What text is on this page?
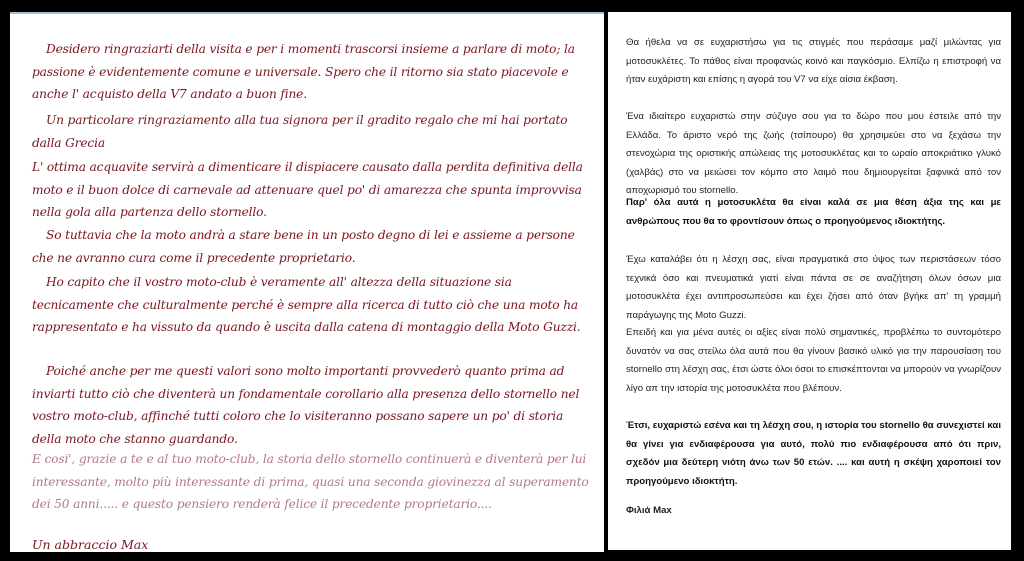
Desidero ringraziarti della visita e per i momenti trascorsi insieme a parlare di moto; la passione è evidentemente comune e universale. Spero che il ritorno sia stato piacevole e anche l' acquisto della V7 andato a buon fine.

Un particolare ringraziamento alla tua signora per il gradito regalo che mi hai portato dalla Grecia

L' ottima acquavite servirà a dimenticare il dispiacere causato dalla perdita definitiva della moto e il buon dolce di carnevale ad attenuare quel po' di amarezza che spunta improvvisa nella gola alla partenza dello stornello.

So tuttavia che la moto andrà a stare bene in un posto degno di lei e assieme a persone che ne avranno cura come il precedente proprietario.

Ho capito che il vostro moto-club è veramente all' altezza della situazione sia tecnicamente che culturalmente perché è sempre alla ricerca di tutto ciò che una moto ha rappresentato e ha vissuto da quando è uscita dalla catena di montaggio della Moto Guzzi.

Poiché anche per me questi valori sono molto importanti provvederò quanto prima ad inviarti tutto ciò che diventerà un fondamentale corollario alla presenza dello stornello nel vostro moto-club, affinché tutti coloro che lo visiteranno possano sapere un po' di storia della moto che stanno guardando.

E cosi', grazie a te e al tuo moto-club, la storia dello stornello continuerà e diventerà per lui interessante, molto più interessante di prima, quasi una seconda giovinezza al superamento dei 50 anni..... e questo pensiero renderà felice il precedente proprietario....

Un abbraccio Max

Θα ήθελα να σε ευχαριστήσω για τις στιγμές που περάσαμε μαζί μιλώντας για μοτοσυκλέτες. Το πάθος είναι προφανώς κοινό και παγκόσμιο. Ελπίζω η επιστροφή να ήταν ευχάριστη και επίσης η αγορά του V7 να είχε αίσια έκβαση.

Ένα ιδιαίτερο ευχαριστώ στην σύζυγο σου για το δώρο που μου έστειλε από την Ελλάδα. Το άριστο νερό της ζωής (τσίπουρο) θα χρησιμεύει στο να ξεχάσω την στενοχώρια της οριστικής απώλειας της μοτοσυκλέτας και το ωραίο αποκριάτικο γλυκό (χαλβάς) στο να μειώσει τον κόμπο στο λαιμό που δημιουργείται ξαφνικά από τον αποχωρισμό του stornello.

Παρ' όλα αυτά η μοτοσυκλέτα θα είναι καλά σε μια θέση άξια της και με ανθρώπους που θα το φροντίσουν όπως ο προηγούμενος ιδιοκτήτης.

Έχω καταλάβει ότι η λέσχη σας, είναι πραγματικά στο ύψος των περιστάσεων τόσο τεχνικά όσο και πνευματικά γιατί είναι πάντα σε σε αναζήτηση όλων όσων μια μοτοσυκλέτα έχει αντιπροσωπεύσει και έχει ζήσει από όταν βγήκε απ' τη γραμμή παράγωγης της Moto Guzzi.

Επειδή και για μένα αυτές οι αξίες είναι πολύ σημαντικές, προβλέπω το συντομότερο δυνατόν να σας στείλω όλα αυτά που θα γίνουν βασικό υλικό για την παρουσίαση του stornello στη λέσχη σας, έτσι ώστε όλοι όσοι το επισκέπτονται να μπορούν να γνωρίζουν λίγο απ την ιστορία της μοτοσυκλέτα που βλέπουν.

Έτσι, ευχαριστώ εσένα και τη λέσχη σου, η ιστορία του stornello θα συνεχιστεί και θα γίνει για ενδιαφέρουσα για αυτό, πολύ πιο ενδιαφέρουσα από ότι πριν, σχεδόν μια δεύτερη νιότη άνω των 50 ετών. .... και αυτή η σκέψη χαροποιεί τον προηγούμενο ιδιοκτήτη.

Φιλιά Max
